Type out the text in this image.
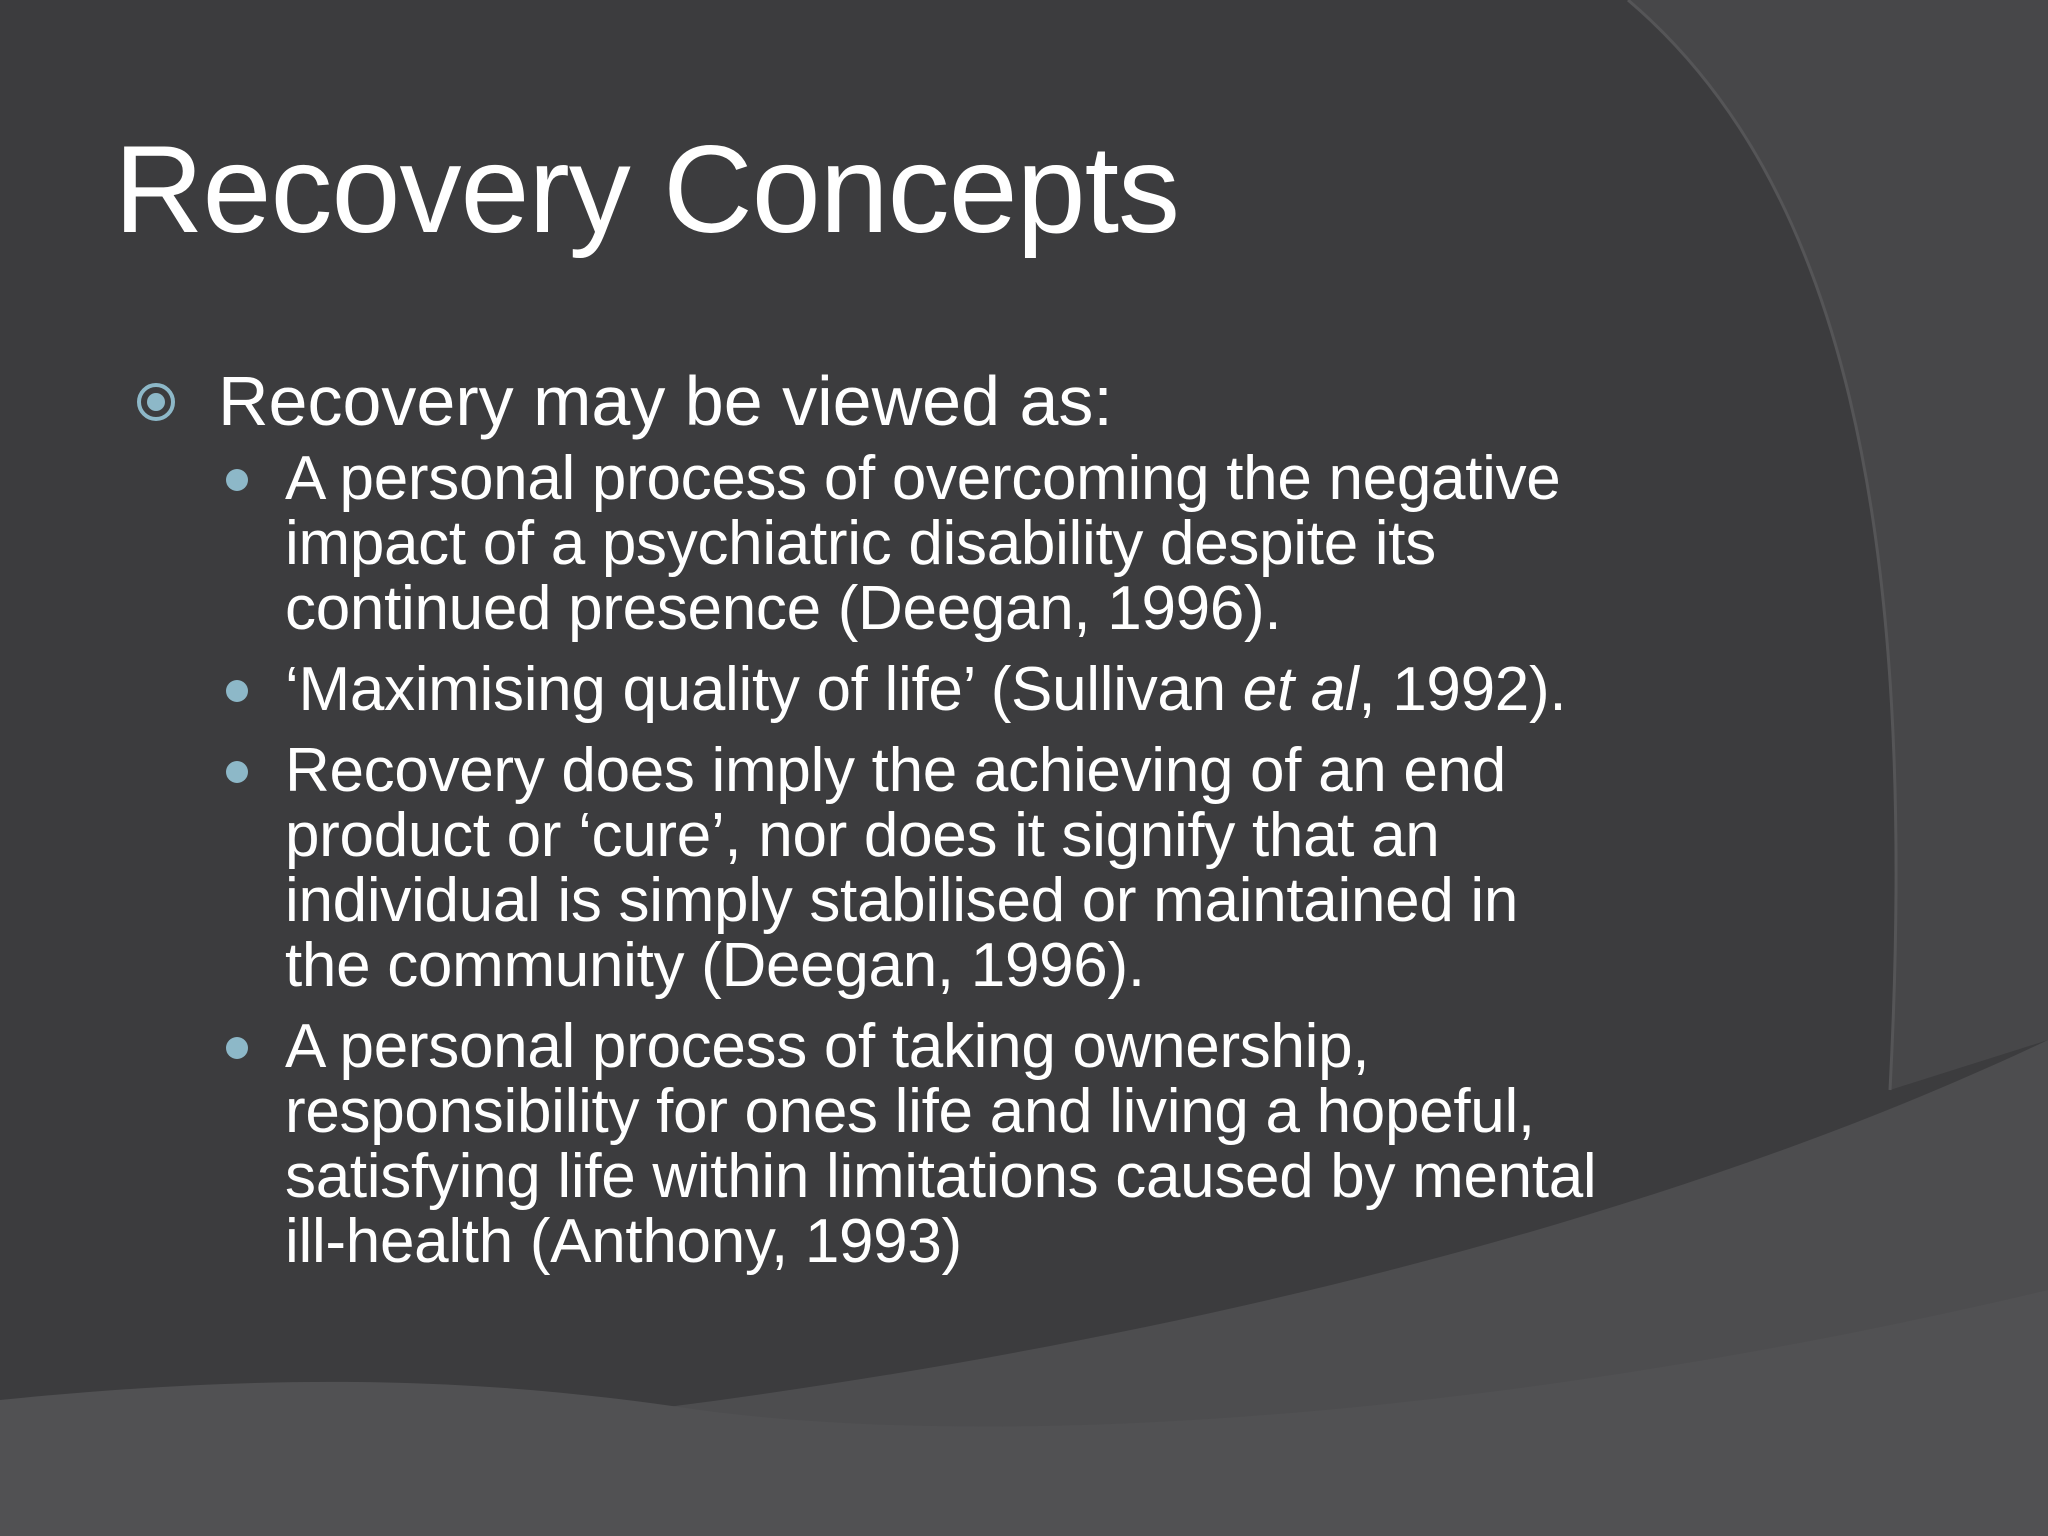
Recovery Concepts
Recovery may be viewed as:
A personal process of overcoming the negative
impact of a psychiatric disability despite its
continued presence (Deegan, 1996).
‘Maximising quality of life’ (Sullivan et al, 1992).
Recovery does imply the achieving of an end
product or ‘cure’, nor does it signify that an
individual is simply stabilised or maintained in
the community (Deegan, 1996).
A personal process of taking ownership,
responsibility for ones life and living a hopeful,
satisfying life within limitations caused by mental
ill-health (Anthony, 1993)
